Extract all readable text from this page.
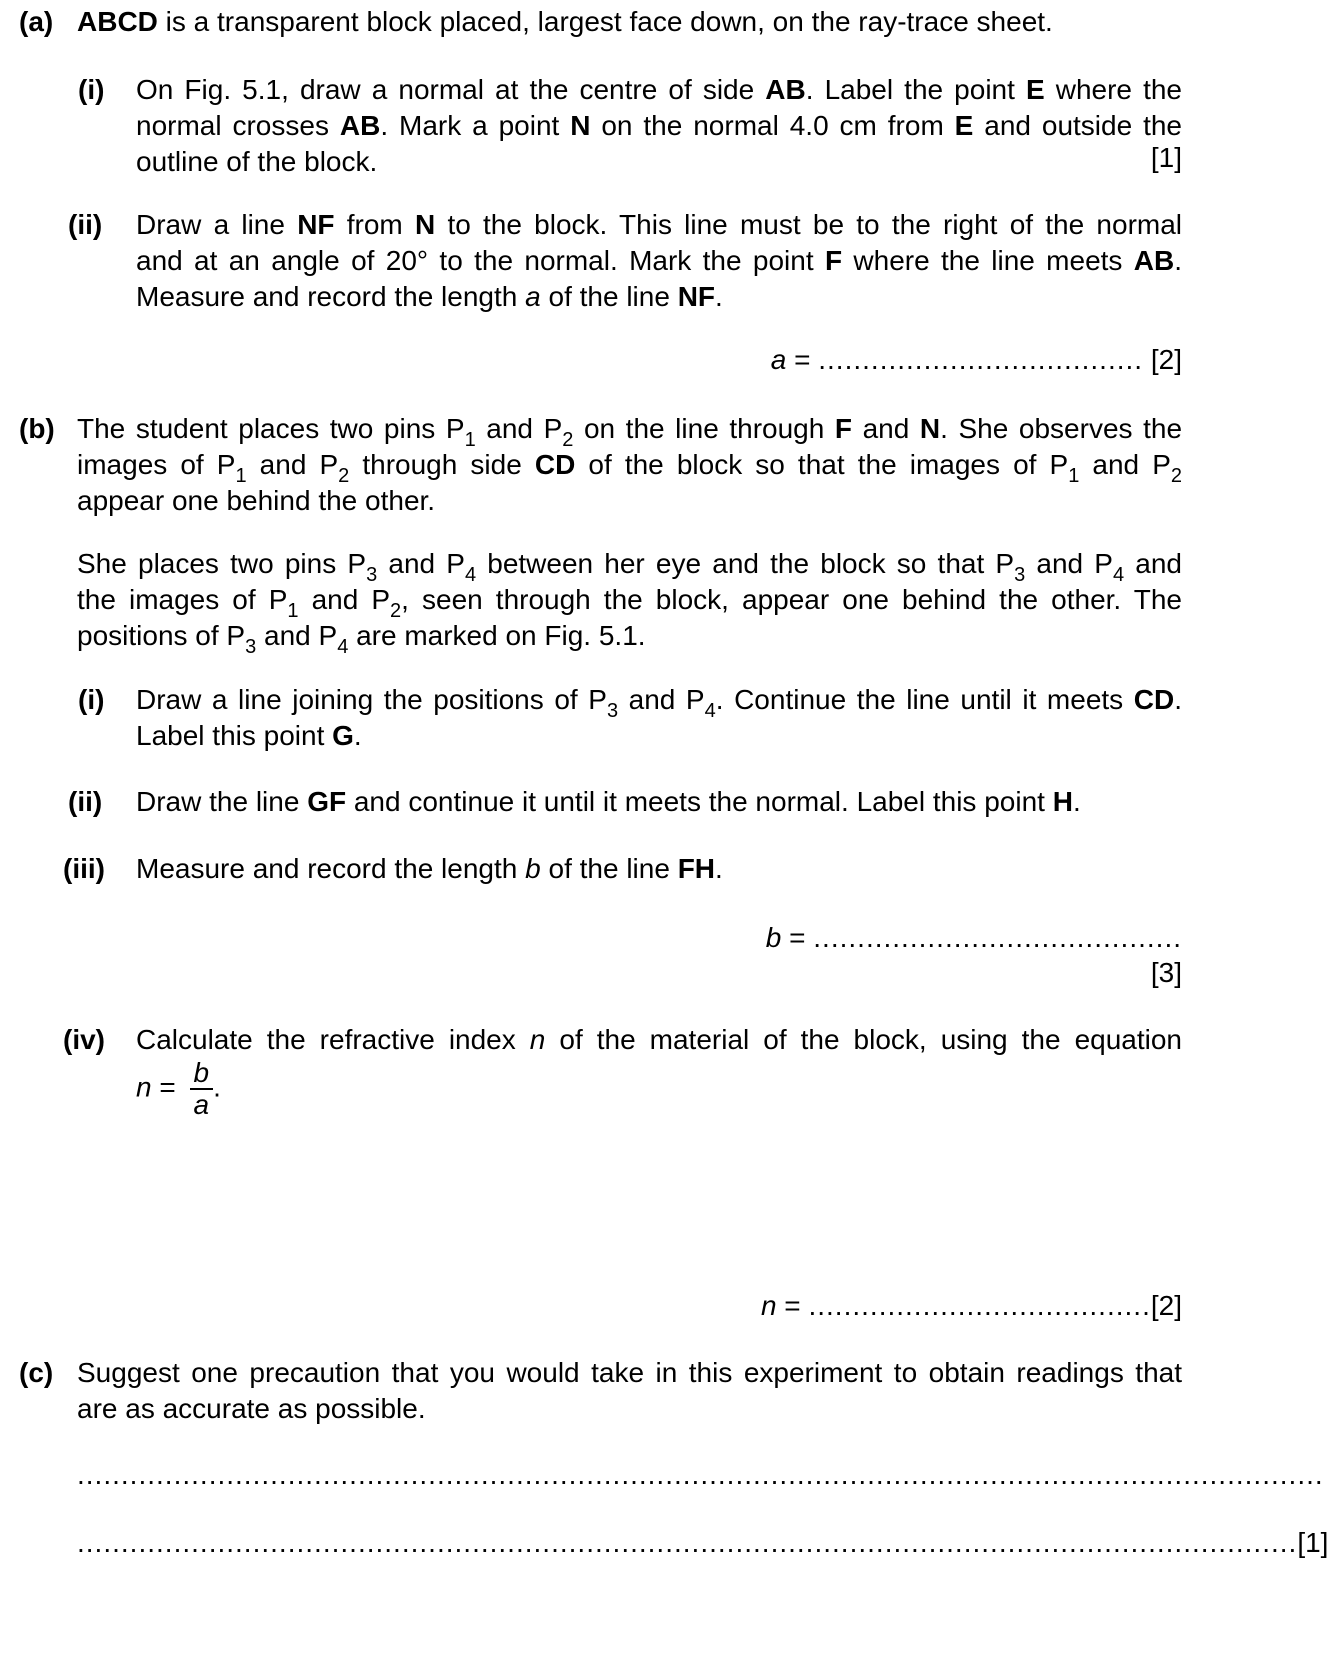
(a) ABCD is a transparent block placed, largest face down, on the ray-trace sheet.
(i) On Fig. 5.1, draw a normal at the centre of side AB. Label the point E where the
normal crosses AB. Mark a point N on the normal 4.0 cm from E and outside the
outline of the block.	[1]
(ii) Draw a line NF from N to the block. This line must be to the right of the normal
and at an angle of 20° to the normal. Mark the point F where the line meets AB.
Measure and record the length a of the line NF.
a = ..................................... [2]
(b) The student places two pins $P_1$ and $P_2$ on the line through F and N. She observes the
images of $P_1$ and $P_2$ through side CD of the block so that the images of $P_1$ and $P_2$
appear one behind the other.
She places two pins $P_3$ and $P_4$ between her eye and the block so that $P_3$ and $P_4$ and
the images of $P_1$ and $P_2$, seen through the block, appear one behind the other. The
positions of $P_3$ and $P_4$ are marked on Fig. 5.1.
(i) Draw a line joining the positions of $P_3$ and $P_4$. Continue the line until it meets CD.
Label this point G.
(ii) Draw the line GF and continue it until it meets the normal. Label this point H.
(iii) Measure and record the length b of the line FH.
b = ..........................................
[3]
(iv) Calculate the refractive index n of the material of the block, using the equation
$n = \frac{b}{a}$ .
n = .......................................[2]
(c) Suggest one precaution that you would take in this experiment to obtain readings that
are as accurate as possible.
..............................................................................................................................................
...........................................................................................................................................[1]
